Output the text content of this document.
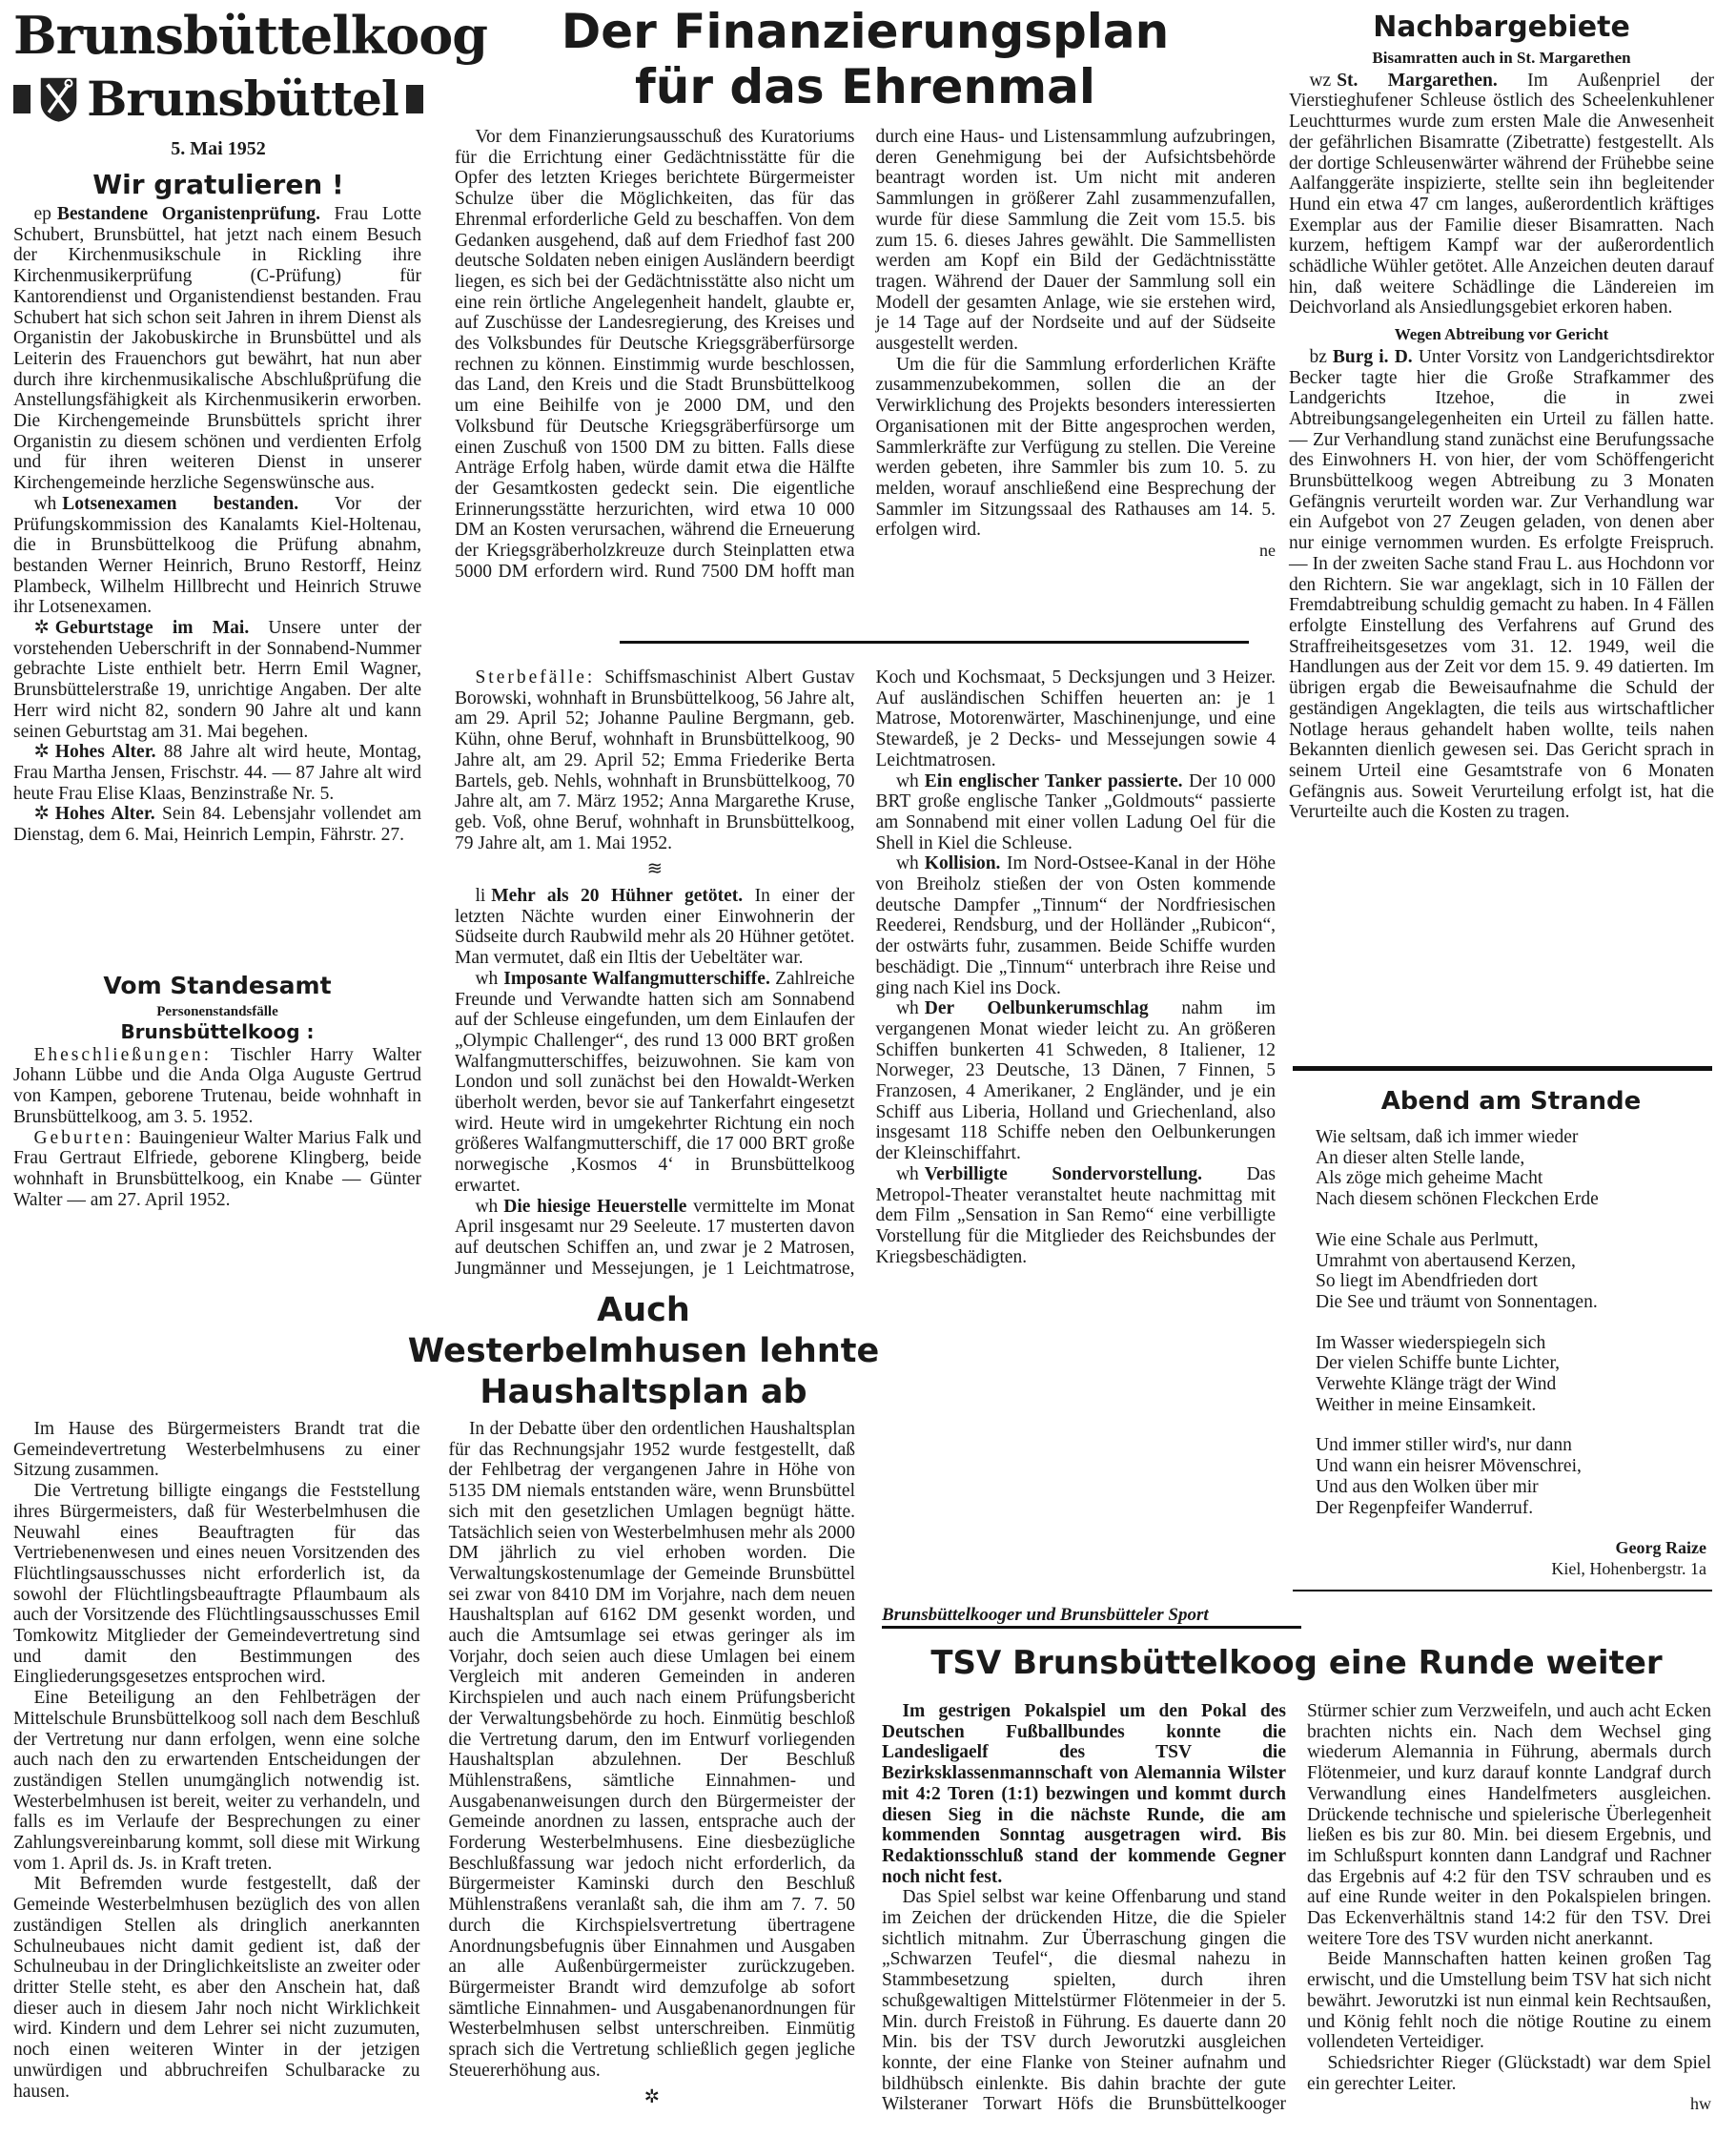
Brunsbüttelkoog
Brunsbüttel
5. Mai 1952
Wir gratulieren !

ep Bestandene Organistenprüfung. Frau Lotte Schubert, Brunsbüttel, hat jetzt nach einem Besuch der Kirchenmusikschule in Rickling ihre Kirchenmusikerprüfung (C-Prüfung) für Kantorendienst und Organistendienst bestanden. Frau Schubert hat sich schon seit Jahren in ihrem Dienst als Organistin der Jakobuskirche in Brunsbüttel und als Leiterin des Frauenchors gut bewährt, hat nun aber durch ihre kirchenmusikalische Abschlußprüfung die Anstellungsfähigkeit als Kirchenmusikerin erworben. Die Kirchengemeinde Brunsbüttels spricht ihrer Organistin zu diesem schönen und verdienten Erfolg und für ihren weiteren Dienst in unserer Kirchengemeinde herzliche Segenswünsche aus.

wh Lotsenexamen bestanden. Vor der Prüfungskommission des Kanalamts Kiel-Holtenau, die in Brunsbüttelkoog die Prüfung abnahm, bestanden Werner Heinrich, Bruno Restorff, Heinz Plambeck, Wilhelm Hillbrecht und Heinrich Struwe ihr Lotsenexamen.

✲ Geburtstage im Mai. Unsere unter der vorstehenden Ueberschrift in der Sonnabend-Nummer gebrachte Liste enthielt betr. Herrn Emil Wagner, Brunsbüttelerstraße 19, unrichtige Angaben. Der alte Herr wird nicht 82, sondern 90 Jahre alt und kann seinen Geburtstag am 31. Mai begehen.

✲ Hohes Alter. 88 Jahre alt wird heute, Montag, Frau Martha Jensen, Frischstr. 44. — 87 Jahre alt wird heute Frau Elise Klaas, Benzinstraße Nr. 5.

✲ Hohes Alter. Sein 84. Lebensjahr vollendet am Dienstag, dem 6. Mai, Heinrich Lempin, Fährstr. 27.

Vom Standesamt
Personenstandsfälle
Brunsbüttelkoog :

Eheschließungen: Tischler Harry Walter Johann Lübbe und die Anda Olga Auguste Gertrud von Kampen, geborene Trutenau, beide wohnhaft in Brunsbüttelkoog, am 3. 5. 1952.

Geburten: Bauingenieur Walter Marius Falk und Frau Gertraut Elfriede, geborene Klingberg, beide wohnhaft in Brunsbüttelkoog, ein Knabe — Günter Walter — am 27. April 1952.

Der Finanzierungsplan
für das Ehrenmal

Vor dem Finanzierungsausschuß des Kuratoriums für die Errichtung einer Gedächtnisstätte für die Opfer des letzten Krieges berichtete Bürgermeister Schulze über die Möglichkeiten, das für das Ehrenmal erforderliche Geld zu beschaffen. Von dem Gedanken ausgehend, daß auf dem Friedhof fast 200 deutsche Soldaten neben einigen Ausländern beerdigt liegen, es sich bei der Gedächtnisstätte also nicht um eine rein örtliche Angelegenheit handelt, glaubte er, auf Zuschüsse der Landesregierung, des Kreises und des Volksbundes für Deutsche Kriegsgräberfürsorge rechnen zu können. Einstimmig wurde beschlossen, das Land, den Kreis und die Stadt Brunsbüttelkoog um eine Beihilfe von je 2000 DM, und den Volksbund für Deutsche Kriegsgräberfürsorge um einen Zuschuß von 1500 DM zu bitten. Falls diese Anträge Erfolg haben, würde damit etwa die Hälfte der Gesamtkosten gedeckt sein. Die eigentliche Erinnerungsstätte herzurichten, wird etwa 10 000 DM an Kosten verursachen, während die Erneuerung der Kriegsgräberholzkreuze durch Steinplatten etwa 5000 DM erfordern wird. Rund 7500 DM hofft man durch eine Haus- und Listensammlung aufzubringen, deren Genehmigung bei der Aufsichtsbehörde beantragt worden ist. Um nicht mit anderen Sammlungen in größerer Zahl zusammenzufallen, wurde für diese Sammlung die Zeit vom 15.5. bis zum 15. 6. dieses Jahres gewählt. Die Sammellisten werden am Kopf ein Bild der Gedächtnisstätte tragen. Während der Dauer der Sammlung soll ein Modell der gesamten Anlage, wie sie erstehen wird, je 14 Tage auf der Nordseite und auf der Südseite ausgestellt werden.

Um die für die Sammlung erforderlichen Kräfte zusammenzubekommen, sollen die an der Verwirklichung des Projekts besonders interessierten Organisationen mit der Bitte angesprochen werden, Sammlerkräfte zur Verfügung zu stellen. Die Vereine werden gebeten, ihre Sammler bis zum 10. 5. zu melden, worauf anschließend eine Besprechung der Sammler im Sitzungssaal des Rathauses am 14. 5. erfolgen wird.

ne

Sterbefälle: Schiffsmaschinist Albert Gustav Borowski, wohnhaft in Brunsbüttelkoog, 56 Jahre alt, am 29. April 52; Johanne Pauline Bergmann, geb. Kühn, ohne Beruf, wohnhaft in Brunsbüttelkoog, 90 Jahre alt, am 29. April 52; Emma Friederike Berta Bartels, geb. Nehls, wohnhaft in Brunsbüttelkoog, 70 Jahre alt, am 7. März 1952; Anna Margarethe Kruse, geb. Voß, ohne Beruf, wohnhaft in Brunsbüttelkoog, 79 Jahre alt, am 1. Mai 1952.

≋

li Mehr als 20 Hühner getötet. In einer der letzten Nächte wurden einer Einwohnerin der Südseite durch Raubwild mehr als 20 Hühner getötet. Man vermutet, daß ein Iltis der Uebeltäter war.

wh Imposante Walfangmutterschiffe. Zahlreiche Freunde und Verwandte hatten sich am Sonnabend auf der Schleuse eingefunden, um dem Einlaufen der „Olympic Challenger“, des rund 13 000 BRT großen Walfangmutterschiffes, beizuwohnen. Sie kam von London und soll zunächst bei den Howaldt-Werken überholt werden, bevor sie auf Tankerfahrt eingesetzt wird. Heute wird in umgekehrter Richtung ein noch größeres Walfangmutterschiff, die 17 000 BRT große norwegische ‚Kosmos 4‘ in Brunsbüttelkoog erwartet.

wh Die hiesige Heuerstelle vermittelte im Monat April insgesamt nur 29 Seeleute. 17 musterten davon auf deutschen Schiffen an, und zwar je 2 Matrosen, Jungmänner und Messejungen, je 1 Leichtmatrose, Koch und Kochsmaat, 5 Decksjungen und 3 Heizer. Auf ausländischen Schiffen heuerten an: je 1 Matrose, Motorenwärter, Maschinenjunge, und eine Stewardeß, je 2 Decks- und Messejungen sowie 4 Leichtmatrosen.

wh Ein englischer Tanker passierte. Der 10 000 BRT große englische Tanker „Goldmouts“ passierte am Sonnabend mit einer vollen Ladung Oel für die Shell in Kiel die Schleuse.

wh Kollision. Im Nord-Ostsee-Kanal in der Höhe von Breiholz stießen der von Osten kommende deutsche Dampfer „Tinnum“ der Nordfriesischen Reederei, Rendsburg, und der Holländer „Rubicon“, der ostwärts fuhr, zusammen. Beide Schiffe wurden beschädigt. Die „Tinnum“ unterbrach ihre Reise und ging nach Kiel ins Dock.

wh Der Oelbunkerumschlag nahm im vergangenen Monat wieder leicht zu. An größeren Schiffen bunkerten 41 Schweden, 8 Italiener, 12 Norweger, 23 Deutsche, 13 Dänen, 7 Finnen, 5 Franzosen, 4 Amerikaner, 2 Engländer, und je ein Schiff aus Liberia, Holland und Griechenland, also insgesamt 118 Schiffe neben den Oelbunkerungen der Kleinschiffahrt.

wh Verbilligte Sondervorstellung. Das Metropol-Theater veranstaltet heute nachmittag mit dem Film „Sensation in San Remo“ eine verbilligte Vorstellung für die Mitglieder des Reichsbundes der Kriegsbeschädigten.

Nachbargebiete
Bisamratten auch in St. Margarethen

wz St. Margarethen. Im Außenpriel der Vierstieghufener Schleuse östlich des Scheelenkuhlener Leuchtturmes wurde zum ersten Male die Anwesenheit der gefährlichen Bisamratte (Zibetratte) festgestellt. Als der dortige Schleusenwärter während der Frühebbe seine Aalfanggeräte inspizierte, stellte sein ihn begleitender Hund ein etwa 47 cm langes, außerordentlich kräftiges Exemplar aus der Familie dieser Bisamratten. Nach kurzem, heftigem Kampf war der außerordentlich schädliche Wühler getötet. Alle Anzeichen deuten darauf hin, daß weitere Schädlinge die Ländereien im Deichvorland als Ansiedlungsgebiet erkoren haben.

Wegen Abtreibung vor Gericht

bz Burg i. D. Unter Vorsitz von Landgerichtsdirektor Becker tagte hier die Große Strafkammer des Landgerichts Itzehoe, die in zwei Abtreibungsangelegenheiten ein Urteil zu fällen hatte. — Zur Verhandlung stand zunächst eine Berufungssache des Einwohners H. von hier, der vom Schöffengericht Brunsbüttelkoog wegen Abtreibung zu 3 Monaten Gefängnis verurteilt worden war. Zur Verhandlung war ein Aufgebot von 27 Zeugen geladen, von denen aber nur einige vernommen wurden. Es erfolgte Freispruch. — In der zweiten Sache stand Frau L. aus Hochdonn vor den Richtern. Sie war angeklagt, sich in 10 Fällen der Fremdabtreibung schuldig gemacht zu haben. In 4 Fällen erfolgte Einstellung des Verfahrens auf Grund des Straffreiheitsgesetzes vom 31. 12. 1949, weil die Handlungen aus der Zeit vor dem 15. 9. 49 datierten. Im übrigen ergab die Beweisaufnahme die Schuld der geständigen Angeklagten, die teils aus wirtschaftlicher Notlage heraus gehandelt haben wollte, teils nahen Bekannten dienlich gewesen sei. Das Gericht sprach in seinem Urteil eine Gesamtstrafe von 6 Monaten Gefängnis aus. Soweit Verurteilung erfolgt ist, hat die Verurteilte auch die Kosten zu tragen.

Abend am Strande

Wie seltsam, daß ich immer wieder

An dieser alten Stelle lande,

Als zöge mich geheime Macht

Nach diesem schönen Fleckchen Erde

Wie eine Schale aus Perlmutt,

Umrahmt von abertausend Kerzen,

So liegt im Abendfrieden dort

Die See und träumt von Sonnentagen.

Im Wasser wiederspiegeln sich

Der vielen Schiffe bunte Lichter,

Verwehte Klänge trägt der Wind

Weither in meine Einsamkeit.

Und immer stiller wird's, nur dann

Und wann ein heisrer Mövenschrei,

Und aus den Wolken über mir

Der Regenpfeifer Wanderruf.

Georg Raize
Kiel, Hohenbergstr. 1a
Auch
Westerbelmhusen lehnte Haushaltsplan ab

Im Hause des Bürgermeisters Brandt trat die Gemeindevertretung Westerbelmhusens zu einer Sitzung zusammen.

Die Vertretung billigte eingangs die Feststellung ihres Bürgermeisters, daß für Westerbelmhusen die Neuwahl eines Beauftragten für das Vertriebenenwesen und eines neuen Vorsitzenden des Flüchtlingsausschusses nicht erforderlich ist, da sowohl der Flüchtlingsbeauftragte Pflaumbaum als auch der Vorsitzende des Flüchtlingsausschusses Emil Tomkowitz Mitglieder der Gemeindevertretung sind und damit den Bestimmungen des Eingliederungsgesetzes entsprochen wird.

Eine Beteiligung an den Fehlbeträgen der Mittelschule Brunsbüttelkoog soll nach dem Beschluß der Vertretung nur dann erfolgen, wenn eine solche auch nach den zu erwartenden Entscheidungen der zuständigen Stellen unumgänglich notwendig ist. Westerbelmhusen ist bereit, weiter zu verhandeln, und falls es im Verlaufe der Besprechungen zu einer Zahlungsvereinbarung kommt, soll diese mit Wirkung vom 1. April ds. Js. in Kraft treten.

Mit Befremden wurde festgestellt, daß der Gemeinde Westerbelmhusen bezüglich des von allen zuständigen Stellen als dringlich anerkannten Schulneubaues nicht damit gedient ist, daß der Schulneubau in der Dringlichkeitsliste an zweiter oder dritter Stelle steht, es aber den Anschein hat, daß dieser auch in diesem Jahr noch nicht Wirklichkeit wird. Kindern und dem Lehrer sei nicht zuzumuten, noch einen weiteren Winter in der jetzigen unwürdigen und abbruchreifen Schulbaracke zu hausen.

In der Debatte über den ordentlichen Haushaltsplan für das Rechnungsjahr 1952 wurde festgestellt, daß der Fehlbetrag der vergangenen Jahre in Höhe von 5135 DM niemals entstanden wäre, wenn Brunsbüttel sich mit den gesetzlichen Umlagen begnügt hätte. Tatsächlich seien von Westerbelmhusen mehr als 2000 DM jährlich zu viel erhoben worden. Die Verwaltungskostenumlage der Gemeinde Brunsbüttel sei zwar von 8410 DM im Vorjahre, nach dem neuen Haushaltsplan auf 6162 DM gesenkt worden, und auch die Amtsumlage sei etwas geringer als im Vorjahr, doch seien auch diese Umlagen bei einem Vergleich mit anderen Gemeinden in anderen Kirchspielen und auch nach einem Prüfungsbericht der Verwaltungsbehörde zu hoch. Einmütig beschloß die Vertretung darum, den im Entwurf vorliegenden Haushaltsplan abzulehnen. Der Beschluß Mühlenstraßens, sämtliche Einnahmen- und Ausgabenanweisungen durch den Bürgermeister der Gemeinde anordnen zu lassen, entsprache auch der Forderung Westerbelmhusens. Eine diesbezügliche Beschlußfassung war jedoch nicht erforderlich, da Bürgermeister Kaminski durch den Beschluß Mühlenstraßens veranlaßt sah, die ihm am 7. 7. 50 durch die Kirchspielsvertretung übertragene Anordnungsbefugnis über Einnahmen und Ausgaben an alle Außenbürgermeister zurückzugeben. Bürgermeister Brandt wird demzufolge ab sofort sämtliche Einnahmen- und Ausgabenanordnungen für Westerbelmhusen selbst unterschreiben. Einmütig sprach sich die Vertretung schließlich gegen jegliche Steuererhöhung aus.

✲
Brunsbüttelkooger und Brunsbütteler Sport
TSV Brunsbüttelkoog eine Runde weiter

Im gestrigen Pokalspiel um den Pokal des Deutschen Fußballbundes konnte die Landesligaelf des TSV die Bezirksklassenmannschaft von Alemannia Wilster mit 4:2 Toren (1:1) bezwingen und kommt durch diesen Sieg in die nächste Runde, die am kommenden Sonntag ausgetragen wird. Bis Redaktionsschluß stand der kommende Gegner noch nicht fest.

Das Spiel selbst war keine Offenbarung und stand im Zeichen der drückenden Hitze, die die Spieler sichtlich mitnahm. Zur Überraschung gingen die „Schwarzen Teufel“, die diesmal nahezu in Stammbesetzung spielten, durch ihren schußgewaltigen Mittelstürmer Flötenmeier in der 5. Min. durch Freistoß in Führung. Es dauerte dann 20 Min. bis der TSV durch Jeworutzki ausgleichen konnte, der eine Flanke von Steiner aufnahm und bildhübsch einlenkte. Bis dahin brachte der gute Wilsteraner Torwart Höfs die Brunsbüttelkooger Stürmer schier zum Verzweifeln, und auch acht Ecken brachten nichts ein. Nach dem Wechsel ging wiederum Alemannia in Führung, abermals durch Flötenmeier, und kurz darauf konnte Landgraf durch Verwandlung eines Handelfmeters ausgleichen. Drückende technische und spielerische Überlegenheit ließen es bis zur 80. Min. bei diesem Ergebnis, und im Schlußspurt konnten dann Landgraf und Rachner das Ergebnis auf 4:2 für den TSV schrauben und es auf eine Runde weiter in den Pokalspielen bringen. Das Eckenverhältnis stand 14:2 für den TSV. Drei weitere Tore des TSV wurden nicht anerkannt.

Beide Mannschaften hatten keinen großen Tag erwischt, und die Umstellung beim TSV hat sich nicht bewährt. Jeworutzki ist nun einmal kein Rechtsaußen, und König fehlt noch die nötige Routine zu einem vollendeten Verteidiger.

Schiedsrichter Rieger (Glückstadt) war dem Spiel ein gerechter Leiter.

hw
